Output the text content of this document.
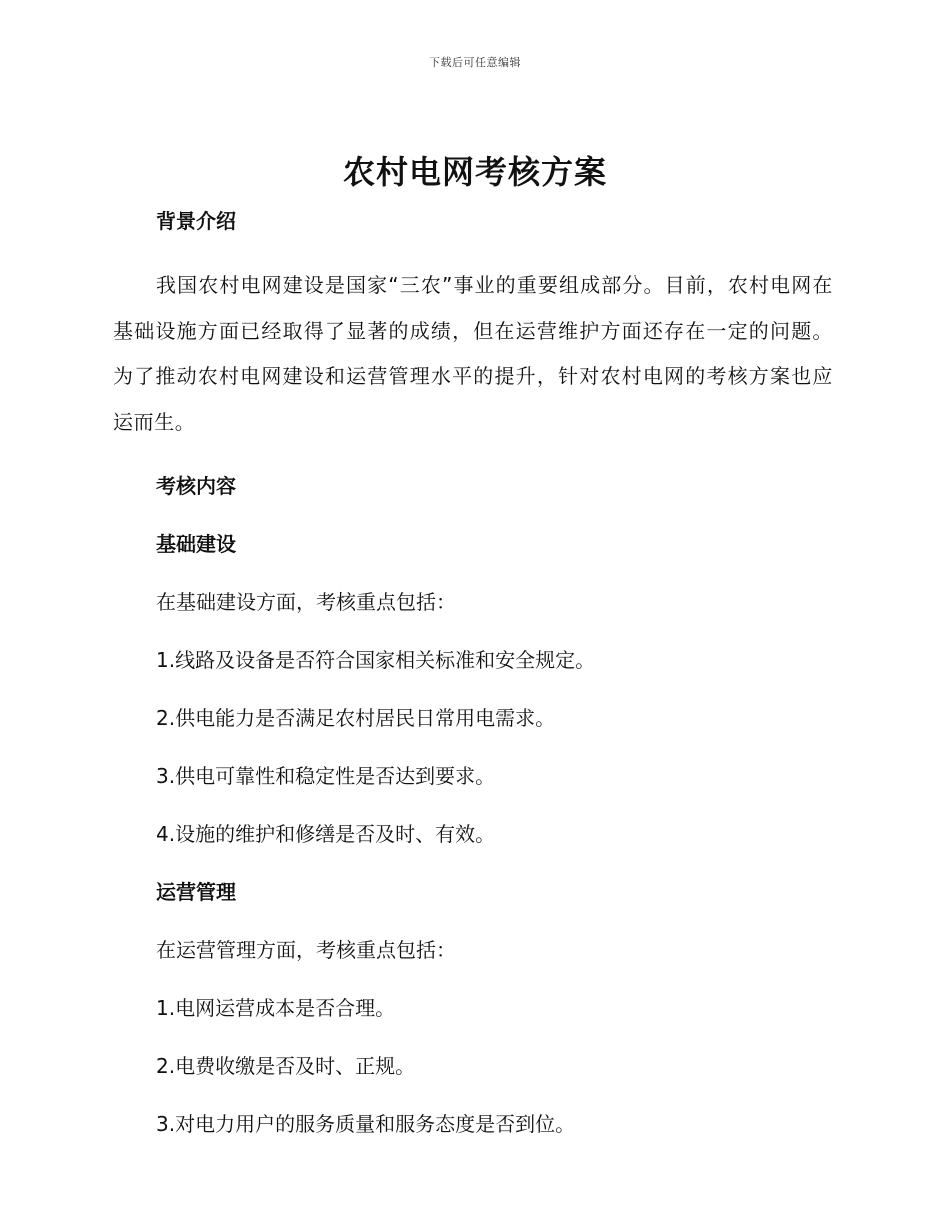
下载后可任意编辑
农村电网考核方案

背景介绍

我国农村电网建设是国家“三农”事业的重要组成部分。目前，农村电网在基础设施方面已经取得了显著的成绩，但在运营维护方面还存在一定的问题。为了推动农村电网建设和运营管理水平的提升，针对农村电网的考核方案也应运而生。

考核内容

基础建设

在基础建设方面，考核重点包括：

1.线路及设备是否符合国家相关标准和安全规定。

2.供电能力是否满足农村居民日常用电需求。

3.供电可靠性和稳定性是否达到要求。

4.设施的维护和修缮是否及时、有效。

运营管理

在运营管理方面，考核重点包括：

1.电网运营成本是否合理。

2.电费收缴是否及时、正规。

3.对电力用户的服务质量和服务态度是否到位。
